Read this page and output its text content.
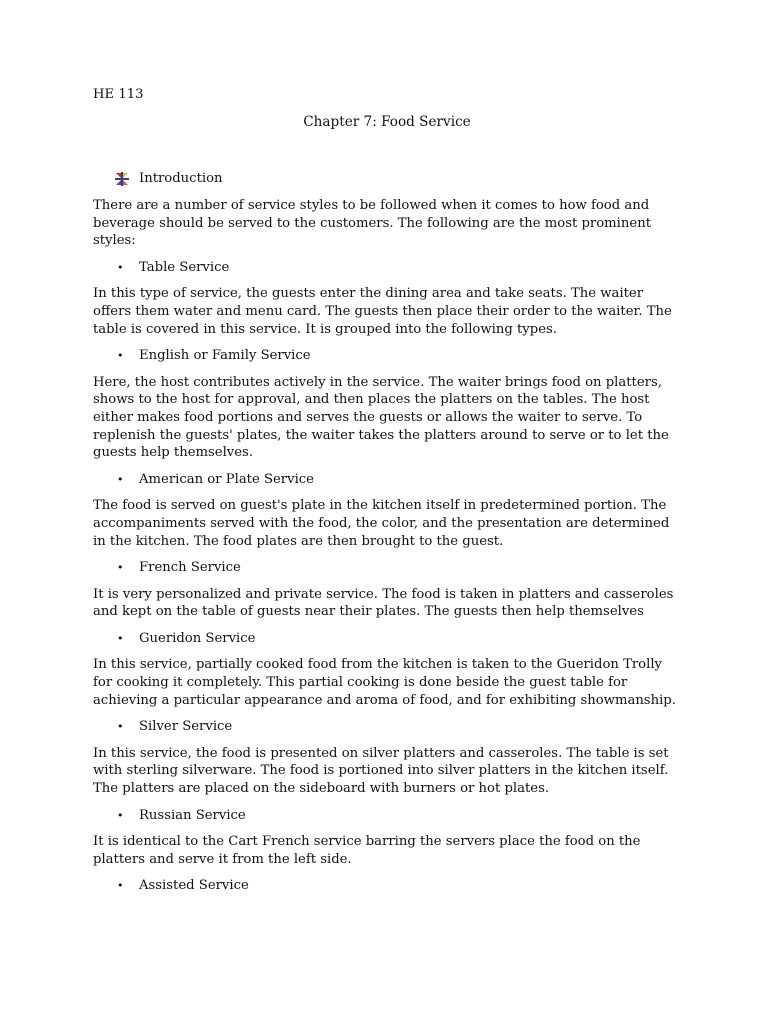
HE 113

Chapter 7: Food Service
Introduction

There are a number of service styles to be followed when it comes to how food and beverage should be served to the customers. The following are the most prominent styles:

•	Table Service

In this type of service, the guests enter the dining area and take seats. The waiter offers them water and menu card. The guests then place their order to the waiter. The table is covered in this service. It is grouped into the following types.

•	English or Family Service

Here, the host contributes actively in the service. The waiter brings food on platters, shows to the host for approval, and then places the platters on the tables. The host either makes food portions and serves the guests or allows the waiter to serve. To replenish the guests' plates, the waiter takes the platters around to serve or to let the guests help themselves.

•	American or Plate Service

The food is served on guest's plate in the kitchen itself in predetermined portion. The accompaniments served with the food, the color, and the presentation are determined in the kitchen. The food plates are then brought to the guest.

•	French Service

It is very personalized and private service. The food is taken in platters and casseroles and kept on the table of guests near their plates. The guests then help themselves

•	Gueridon Service

In this service, partially cooked food from the kitchen is taken to the Gueridon Trolly for cooking it completely. This partial cooking is done beside the guest table for achieving a particular appearance and aroma of food, and for exhibiting showmanship.

•	Silver Service

In this service, the food is presented on silver platters and casseroles. The table is set with sterling silverware. The food is portioned into silver platters in the kitchen itself. The platters are placed on the sideboard with burners or hot plates.

•	Russian Service

It is identical to the Cart French service barring the servers place the food on the platters and serve it from the left side.

•	Assisted Service
